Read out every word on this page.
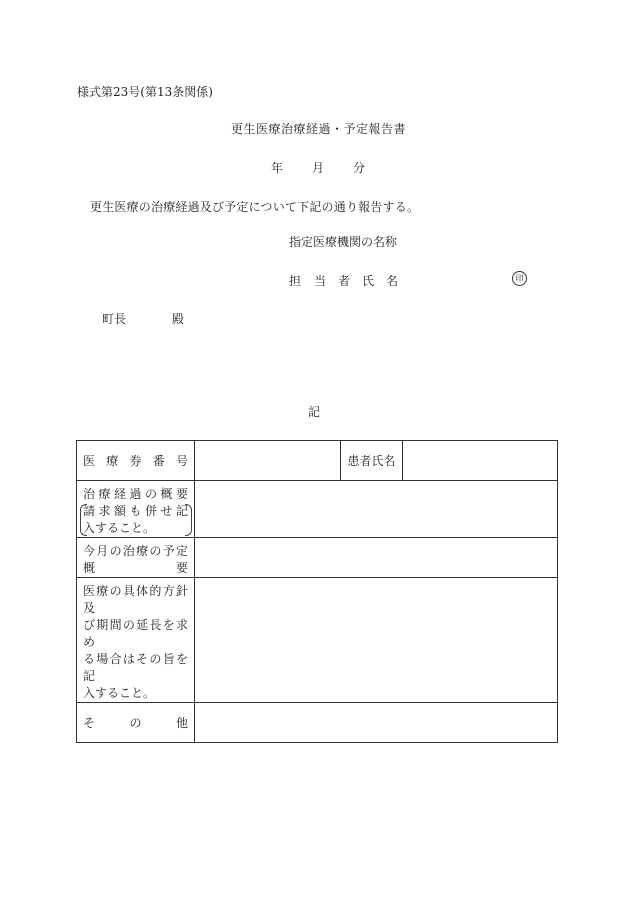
様式第23号(第13条関係)
更生医療治療経過・予定報告書
年 月 分
更生医療の治療経過及び予定について下記の通り報告する。
指定医療機関の名称
担 当 者 氏 名	印
町長	殿
記
医療券番号		患者氏名	

治療経過の概要
請求額も併せ記
入すること。			

今月の治療の予定
概要			

医療の具体的方針及
び期間の延長を求め
る場合はその旨を記
入すること。			

その他			
